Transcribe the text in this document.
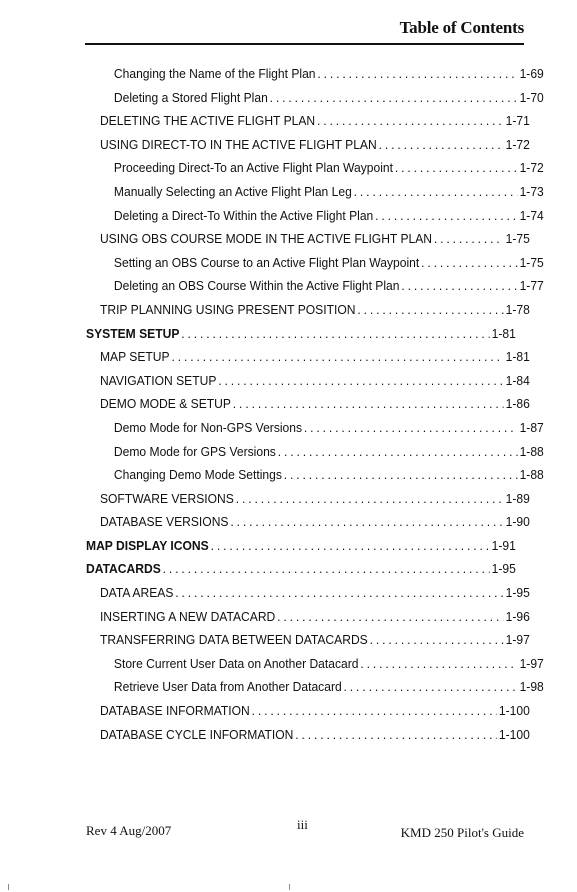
Table of Contents
Changing the Name of the Flight Plan . . .	1-69
Deleting a Stored Flight Plan . . .	1-70
DELETING THE ACTIVE FLIGHT PLAN . . .	1-71
USING DIRECT-TO IN THE ACTIVE FLIGHT PLAN . . .	1-72
Proceeding Direct-To an Active Flight Plan Waypoint . . .	1-72
Manually Selecting an Active Flight Plan Leg . . .	1-73
Deleting a Direct-To Within the Active Flight Plan . . .	1-74
USING OBS COURSE MODE IN THE ACTIVE FLIGHT PLAN . . .	1-75
Setting an OBS Course to an Active Flight Plan Waypoint . . .	1-75
Deleting an OBS Course Within the Active Flight Plan . . .	1-77
TRIP PLANNING USING PRESENT POSITION . . .	1-78
SYSTEM SETUP . . .	1-81
MAP SETUP . . .	1-81
NAVIGATION SETUP . . .	1-84
DEMO MODE & SETUP . . .	1-86
Demo Mode for Non-GPS Versions . . .	1-87
Demo Mode for GPS Versions . . .	1-88
Changing Demo Mode Settings . . .	1-88
SOFTWARE VERSIONS . . .	1-89
DATABASE VERSIONS . . .	1-90
MAP DISPLAY ICONS . . .	1-91
DATACARDS . . .	1-95
DATA AREAS . . .	1-95
INSERTING A NEW DATACARD . . .	1-96
TRANSFERRING DATA BETWEEN DATACARDS . . .	1-97
Store Current User Data on Another Datacard . . .	1-97
Retrieve User Data from Another Datacard . . .	1-98
DATABASE INFORMATION . . .	1-100
DATABASE CYCLE INFORMATION . . .	1-100
Rev 4 Aug/2007	iii
KMD 250 Pilot's Guide
